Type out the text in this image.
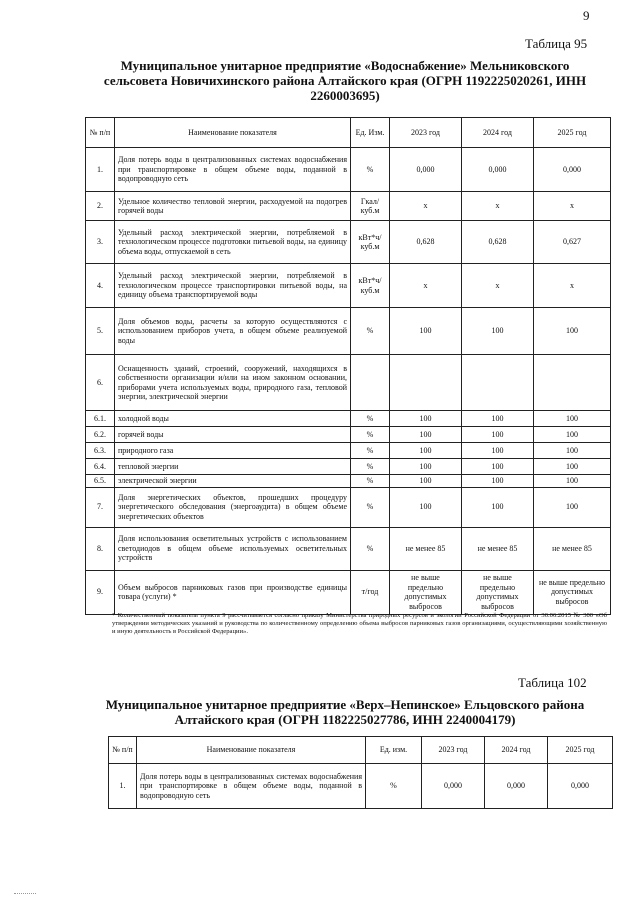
9
Таблица 95
Муниципальное унитарное предприятие «Водоснабжение» Мельниковского сельсовета Новичихинского района Алтайского края (ОГРН 1192225020261, ИНН 2260003695)
№ п/п	Наименование показателя	Ед. Изм.	2023 год	2024 год	2025 год
1.	Доля потерь воды в централизованных системах водоснабжения при транспортировке в общем объеме воды, поданной в водопроводную сеть	%	0,000	0,000	0,000
2.	Удельное количество тепловой энергии, расходуемой на подогрев горячей воды	Гкал/куб.м	х	х	х
3.	Удельный расход электрической энергии, потребляемой в технологическом процессе подготовки питьевой воды, на единицу объема воды, отпускаемой в сеть	кВт*ч/куб.м	0,628	0,628	0,627
4.	Удельный расход электрической энергии, потребляемой в технологическом процессе транспортировки питьевой воды, на единицу объема транспортируемой воды	кВт*ч/куб.м	х	х	х
5.	Доля объемов воды, расчеты за которую осуществляются с использованием приборов учета, в общем объеме реализуемой воды	%	100	100	100
6.	Оснащенность зданий, строений, сооружений, находящихся в собственности организации и/или на ином законном основании, приборами учета используемых воды, природного газа, тепловой энергии, электрической энергии				
6.1.	холодной воды	%	100	100	100
6.2.	горячей воды	%	100	100	100
6.3.	природного газа	%	100	100	100
6.4.	тепловой энергии	%	100	100	100
6.5.	электрической энергии	%	100	100	100
7.	Доля энергетических объектов, прошедших процедуру энергетического обследования (энергоаудита) в общем объеме энергетических объектов	%	100	100	100
8.	Доля использования осветительных устройств с использованием светодиодов в общем объеме используемых осветительных устройств	%	не менее 85	не менее 85	не менее 85
9.	Объем выбросов парниковых газов при производстве единицы товара (услуги) *	т/год	не выше предельно допустимых выбросов	не выше предельно допустимых выбросов	не выше предельно допустимых выбросов
* Количественный показатель пункта 9 рассчитывается согласно приказу Министерства природных ресурсов и экологии Российской Федерации от 30.06.2015 № 300 «Об утверждении методических указаний и руководства по количественному определению объема выбросов парниковых газов организациями, осуществляющими хозяйственную и иную деятельность в Российской Федерации».
Таблица 102
Муниципальное унитарное предприятие «Верх–Непинское» Ельцовского района Алтайского края (ОГРН 1182225027786, ИНН 2240004179)
№ п/п	Наименование показателя	Ед. изм.	2023 год	2024 год	2025 год
1.	Доля потерь воды в централизованных системах водоснабжения при транспортировке в общем объеме воды, поданной в водопроводную сеть	%	0,000	0,000	0,000
